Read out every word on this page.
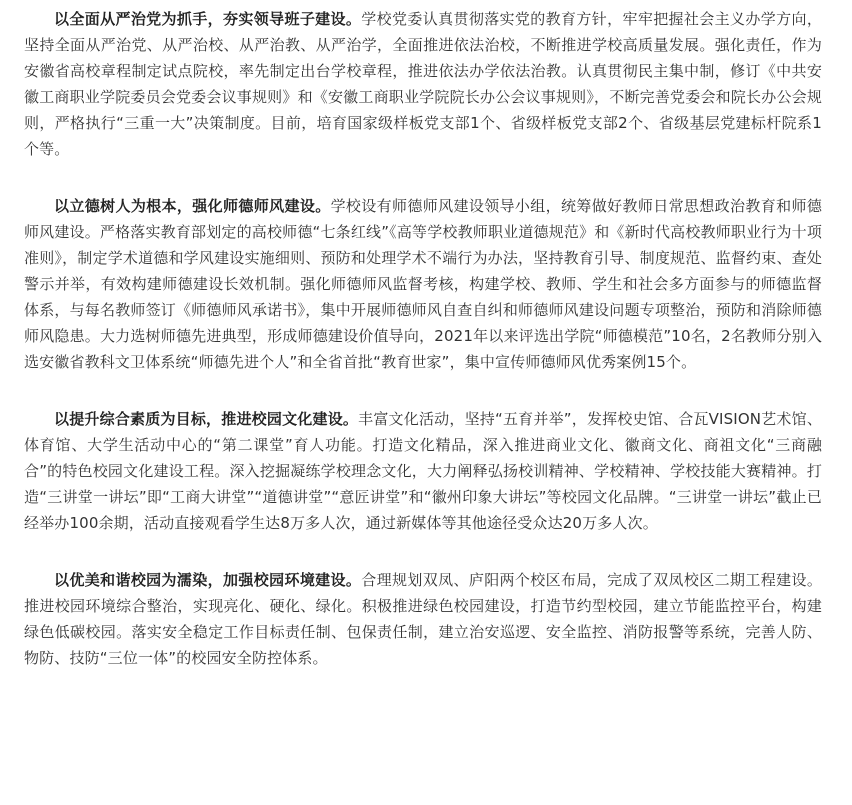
以全面从严治党为抓手，夯实领导班子建设。学校党委认真贯彻落实党的教育方针，牢牢把握社会主义办学方向，坚持全面从严治党、从严治校、从严治教、从严治学，全面推进依法治校，不断推进学校高质量发展。强化责任，作为安徽省高校章程制定试点院校，率先制定出台学校章程，推进依法办学依法治教。认真贯彻民主集中制，修订《中共安徽工商职业学院委员会党委会议事规则》和《安徽工商职业学院院长办公会议事规则》，不断完善党委会和院长办公会规则，严格执行“三重一大”决策制度。目前，培育国家级样板党支部1个、省级样板党支部2个、省级基层党建标杆院系1个等。

以立德树人为根本，强化师德师风建设。学校设有师德师风建设领导小组，统筹做好教师日常思想政治教育和师德师风建设。严格落实教育部划定的高校师德“七条红线”《高等学校教师职业道德规范》和《新时代高校教师职业行为十项准则》，制定学术道德和学风建设实施细则、预防和处理学术不端行为办法，坚持教育引导、制度规范、监督约束、查处警示并举，有效构建师德建设长效机制。强化师德师风监督考核，构建学校、教师、学生和社会多方面参与的师德监督体系，与每名教师签订《师德师风承诺书》，集中开展师德师风自查自纠和师德师风建设问题专项整治，预防和消除师德师风隐患。大力选树师德先进典型，形成师德建设价值导向，2021年以来评选出学院“师德模范”10名，2名教师分别入选安徽省教科文卫体系统“师德先进个人”和全省首批“教育世家”，集中宣传师德师风优秀案例15个。

以提升综合素质为目标，推进校园文化建设。丰富文化活动，坚持“五育并举”，发挥校史馆、合瓦VISION艺术馆、体育馆、大学生活动中心的“第二课堂”育人功能。打造文化精品，深入推进商业文化、徽商文化、商祖文化“三商融合”的特色校园文化建设工程。深入挖掘凝练学校理念文化，大力阐释弘扬校训精神、学校精神、学校技能大赛精神。打造“三讲堂一讲坛”即“工商大讲堂”“道德讲堂”“意匠讲堂”和“徽州印象大讲坛”等校园文化品牌。“三讲堂一讲坛”截止已经举办100余期，活动直接观看学生达8万多人次，通过新媒体等其他途径受众达20万多人次。

以优美和谐校园为濡染，加强校园环境建设。合理规划双凤、庐阳两个校区布局，完成了双凤校区二期工程建设。推进校园环境综合整治，实现亮化、硬化、绿化。积极推进绿色校园建设，打造节约型校园，建立节能监控平台，构建绿色低碳校园。落实安全稳定工作目标责任制、包保责任制，建立治安巡逻、安全监控、消防报警等系统，完善人防、物防、技防“三位一体”的校园安全防控体系。
